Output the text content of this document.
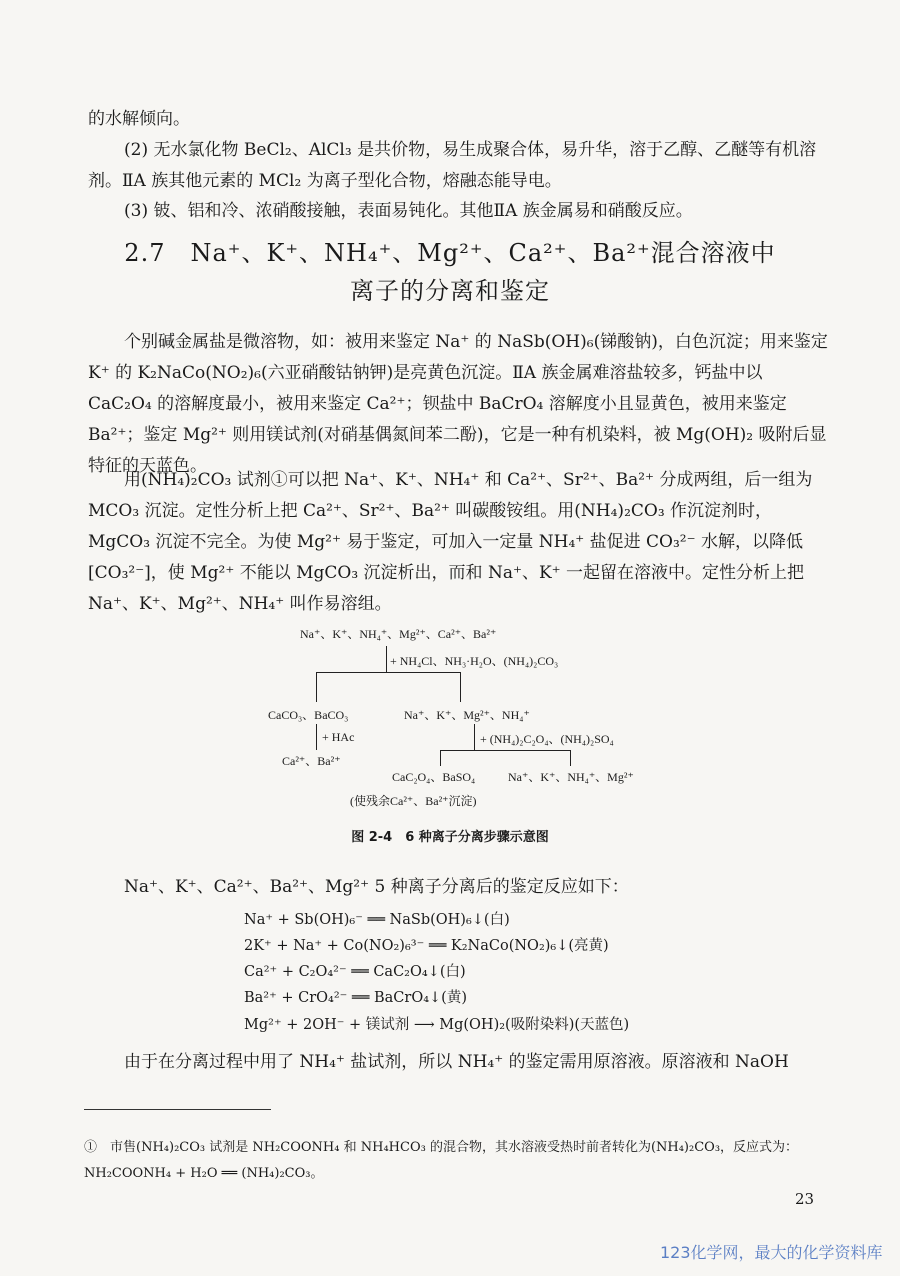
的水解倾向。

(2) 无水氯化物 BeCl₂、AlCl₃ 是共价物，易生成聚合体，易升华，溶于乙醇、乙醚等有机溶剂。ⅡA 族其他元素的 MCl₂ 为离子型化合物，熔融态能导电。

(3) 铍、铝和冷、浓硝酸接触，表面易钝化。其他ⅡA 族金属易和硝酸反应。

2.7　Na⁺、K⁺、NH₄⁺、Mg²⁺、Ca²⁺、Ba²⁺混合溶液中
离子的分离和鉴定

个别碱金属盐是微溶物，如：被用来鉴定 Na⁺ 的 NaSb(OH)₆(锑酸钠)，白色沉淀；用来鉴定 K⁺ 的 K₂NaCo(NO₂)₆(六亚硝酸钴钠钾)是亮黄色沉淀。ⅡA 族金属难溶盐较多，钙盐中以 CaC₂O₄ 的溶解度最小，被用来鉴定 Ca²⁺；钡盐中 BaCrO₄ 溶解度小且显黄色，被用来鉴定 Ba²⁺；鉴定 Mg²⁺ 则用镁试剂(对硝基偶氮间苯二酚)，它是一种有机染料，被 Mg(OH)₂ 吸附后显特征的天蓝色。

用(NH₄)₂CO₃ 试剂①可以把 Na⁺、K⁺、NH₄⁺ 和 Ca²⁺、Sr²⁺、Ba²⁺ 分成两组，后一组为 MCO₃ 沉淀。定性分析上把 Ca²⁺、Sr²⁺、Ba²⁺ 叫碳酸铵组。用(NH₄)₂CO₃ 作沉淀剂时，MgCO₃ 沉淀不完全。为使 Mg²⁺ 易于鉴定，可加入一定量 NH₄⁺ 盐促进 CO₃²⁻ 水解，以降低[CO₃²⁻]，使 Mg²⁺ 不能以 MgCO₃ 沉淀析出，而和 Na⁺、K⁺ 一起留在溶液中。定性分析上把 Na⁺、K⁺、Mg²⁺、NH₄⁺ 叫作易溶组。

Na⁺、K⁺、NH₄⁺、Mg²⁺、Ca²⁺、Ba²⁺
+ NH₄Cl、NH₃·H₂O、(NH₄)₂CO₃
CaCO₃、BaCO₃	Na⁺、K⁺、Mg²⁺、NH₄⁺
+ HAc
Ca²⁺、Ba²⁺
+ (NH₄)₂C₂O₄、(NH₄)₂SO₄
CaC₂O₄、BaSO₄	Na⁺、K⁺、NH₄⁺、Mg²⁺
(使残余Ca²⁺、Ba²⁺沉淀)
图 2-4　6 种离子分离步骤示意图

Na⁺、K⁺、Ca²⁺、Ba²⁺、Mg²⁺ 5 种离子分离后的鉴定反应如下：

Na⁺ + Sb(OH)₆⁻ ══ NaSb(OH)₆↓(白)
2K⁺ + Na⁺ + Co(NO₂)₆³⁻ ══ K₂NaCo(NO₂)₆↓(亮黄)
Ca²⁺ + C₂O₄²⁻ ══ CaC₂O₄↓(白)
Ba²⁺ + CrO₄²⁻ ══ BaCrO₄↓(黄)
Mg²⁺ + 2OH⁻ + 镁试剂 ⟶ Mg(OH)₂(吸附染料)(天蓝色)

由于在分离过程中用了 NH₄⁺ 盐试剂，所以 NH₄⁺ 的鉴定需用原溶液。原溶液和 NaOH

①　市售(NH₄)₂CO₃ 试剂是 NH₂COONH₄ 和 NH₄HCO₃ 的混合物，其水溶液受热时前者转化为(NH₄)₂CO₃，反应式为：NH₂COONH₄ + H₂O ══ (NH₄)₂CO₃。
23
123化学网，最大的化学资料库
